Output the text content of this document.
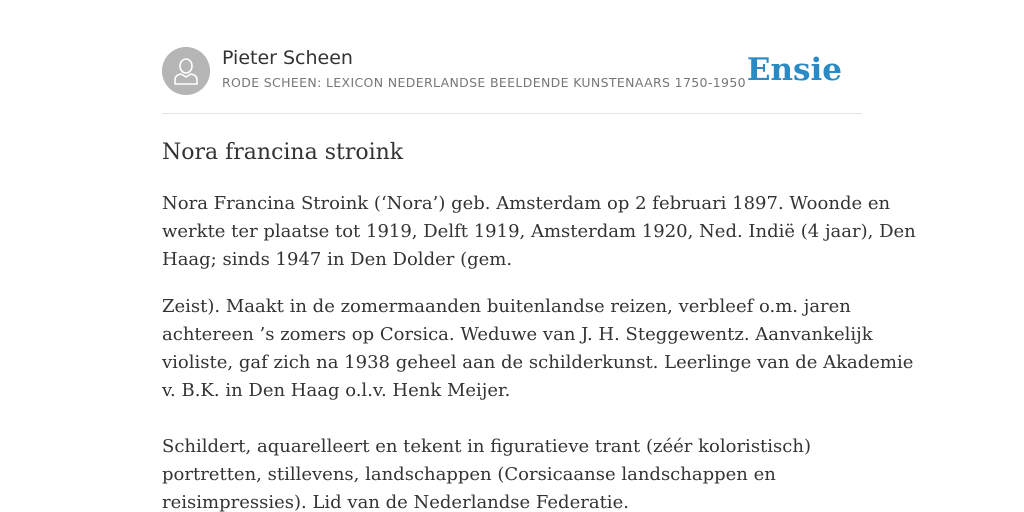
Pieter Scheen
RODE SCHEEN: LEXICON NEDERLANDSE BEELDENDE KUNSTENAARS 1750-1950 Ensie
Nora francina stroink

Nora Francina Stroink (‘Nora’) geb. Amsterdam op 2 februari 1897. Woonde en
werkte ter plaatse tot 1919, Delft 1919, Amsterdam 1920, Ned. Indië (4 jaar), Den
Haag; sinds 1947 in Den Dolder (gem.

Zeist). Maakt in de zomermaanden buitenlandse reizen, verbleef o.m. jaren
achtereen ’s zomers op Corsica. Weduwe van J. H. Steggewentz. Aanvankelijk
violiste, gaf zich na 1938 geheel aan de schilderkunst. Leerlinge van de Akademie
v. B.K. in Den Haag o.l.v. Henk Meijer.

Schildert, aquarelleert en tekent in figuratieve trant (zéér koloristisch)
portretten, stillevens, landschappen (Corsicaanse landschappen en
reisimpressies). Lid van de Nederlandse Federatie.
